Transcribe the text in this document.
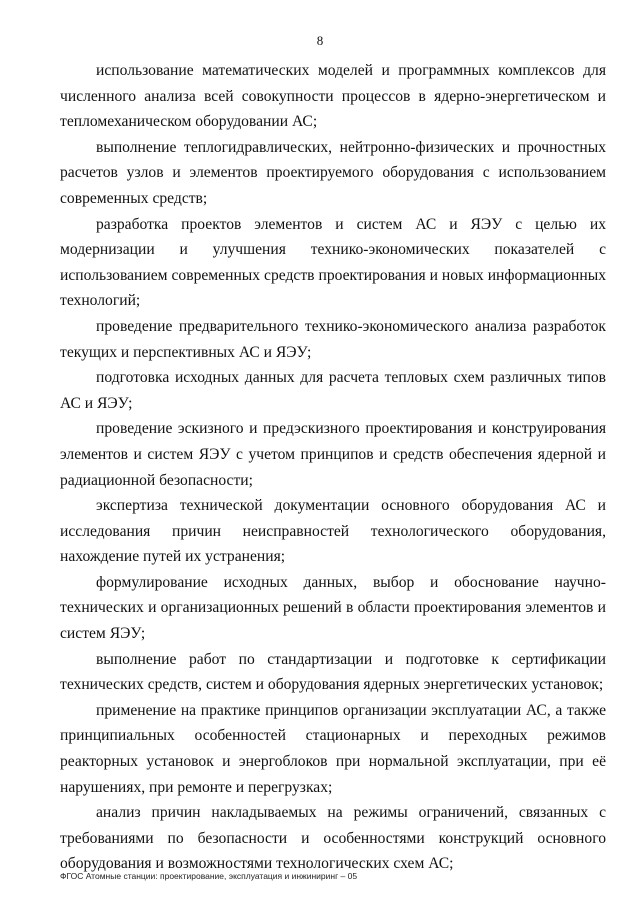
8

использование математических моделей и программных комплексов для численного анализа всей совокупности процессов в ядерно-энергетическом и тепломеханическом оборудовании АС;

выполнение теплогидравлических, нейтронно-физических и прочностных расчетов узлов и элементов проектируемого оборудования с использованием современных средств;

разработка проектов элементов и систем АС и ЯЭУ с целью их модернизации и улучшения технико-экономических показателей с использованием современных средств проектирования и новых информационных технологий;

проведение предварительного технико-экономического анализа разработок текущих и перспективных АС и ЯЭУ;

подготовка исходных данных для расчета тепловых схем различных типов АС и ЯЭУ;

проведение эскизного и предэскизного проектирования и конструирования элементов и систем ЯЭУ с учетом принципов и средств обеспечения ядерной и радиационной безопасности;

экспертиза технической документации основного оборудования АС и исследования причин неисправностей технологического оборудования, нахождение путей их устранения;

формулирование исходных данных, выбор и обоснование научно-технических и организационных решений в области проектирования элементов и систем ЯЭУ;

выполнение работ по стандартизации и подготовке к сертификации технических средств, систем и оборудования ядерных энергетических установок;

применение на практике принципов организации эксплуатации АС, а также принципиальных особенностей стационарных и переходных режимов реакторных установок и энергоблоков при нормальной эксплуатации, при её нарушениях, при ремонте и перегрузках;

анализ причин накладываемых на режимы ограничений, связанных с требованиями по безопасности и особенностями конструкций основного оборудования и возможностями технологических схем АС;

ФГОС Атомные станции: проектирование, эксплуатация и инжиниринг – 05
